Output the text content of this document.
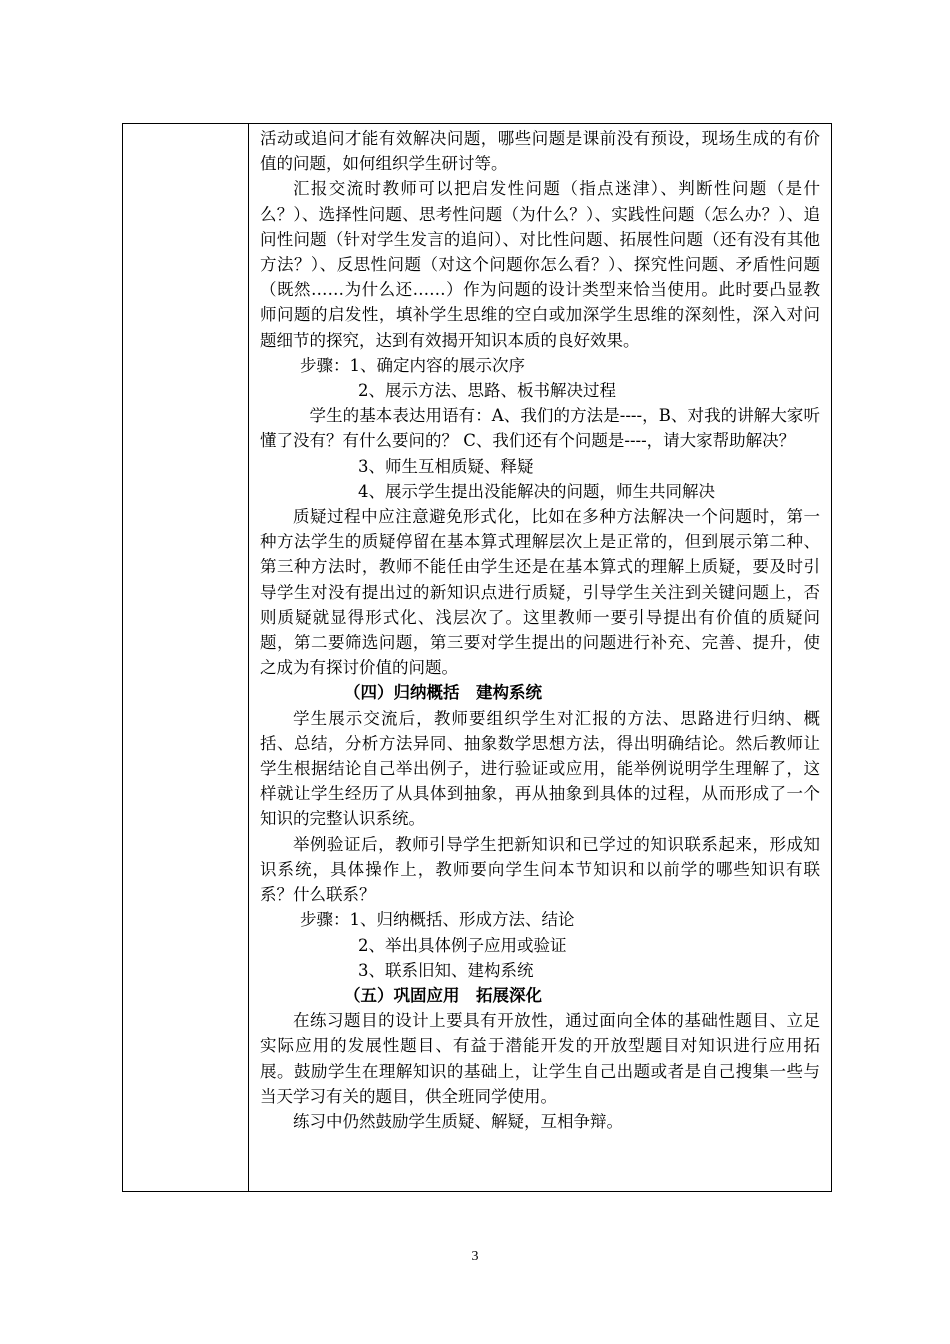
活动或追问才能有效解决问题，哪些问题是课前没有预设，现场生成的有价值的问题，如何组织学生研讨等。

汇报交流时教师可以把启发性问题（指点迷津）、判断性问题（是什么？）、选择性问题、思考性问题（为什么？）、实践性问题（怎么办？）、追问性问题（针对学生发言的追问）、对比性问题、拓展性问题（还有没有其他方法？）、反思性问题（对这个问题你怎么看？）、探究性问题、矛盾性问题（既然……为什么还……）作为问题的设计类型来恰当使用。此时要凸显教师问题的启发性，填补学生思维的空白或加深学生思维的深刻性，深入对问题细节的探究，达到有效揭开知识本质的良好效果。

步骤：1、确定内容的展示次序

2、展示方法、思路、板书解决过程

学生的基本表达用语有：A、我们的方法是----，B、对我的讲解大家听懂了没有？有什么要问的？ C、我们还有个问题是----，请大家帮助解决？

3、师生互相质疑、释疑

4、展示学生提出没能解决的问题，师生共同解决

质疑过程中应注意避免形式化，比如在多种方法解决一个问题时，第一种方法学生的质疑停留在基本算式理解层次上是正常的，但到展示第二种、第三种方法时，教师不能任由学生还是在基本算式的理解上质疑，要及时引导学生对没有提出过的新知识点进行质疑，引导学生关注到关键问题上，否则质疑就显得形式化、浅层次了。这里教师一要引导提出有价值的质疑问题，第二要筛选问题，第三要对学生提出的问题进行补充、完善、提升，使之成为有探讨价值的问题。

（四）归纳概括　建构系统

学生展示交流后，教师要组织学生对汇报的方法、思路进行归纳、概括、总结，分析方法异同、抽象数学思想方法，得出明确结论。然后教师让学生根据结论自己举出例子，进行验证或应用，能举例说明学生理解了，这样就让学生经历了从具体到抽象，再从抽象到具体的过程，从而形成了一个知识的完整认识系统。

举例验证后，教师引导学生把新知识和已学过的知识联系起来，形成知识系统，具体操作上，教师要向学生问本节知识和以前学的哪些知识有联系？什么联系？

步骤：1、归纳概括、形成方法、结论

2、举出具体例子应用或验证

3、联系旧知、建构系统

（五）巩固应用　拓展深化

在练习题目的设计上要具有开放性，通过面向全体的基础性题目、立足实际应用的发展性题目、有益于潜能开发的开放型题目对知识进行应用拓展。鼓励学生在理解知识的基础上，让学生自己出题或者是自己搜集一些与当天学习有关的题目，供全班同学使用。

练习中仍然鼓励学生质疑、解疑，互相争辩。

3
